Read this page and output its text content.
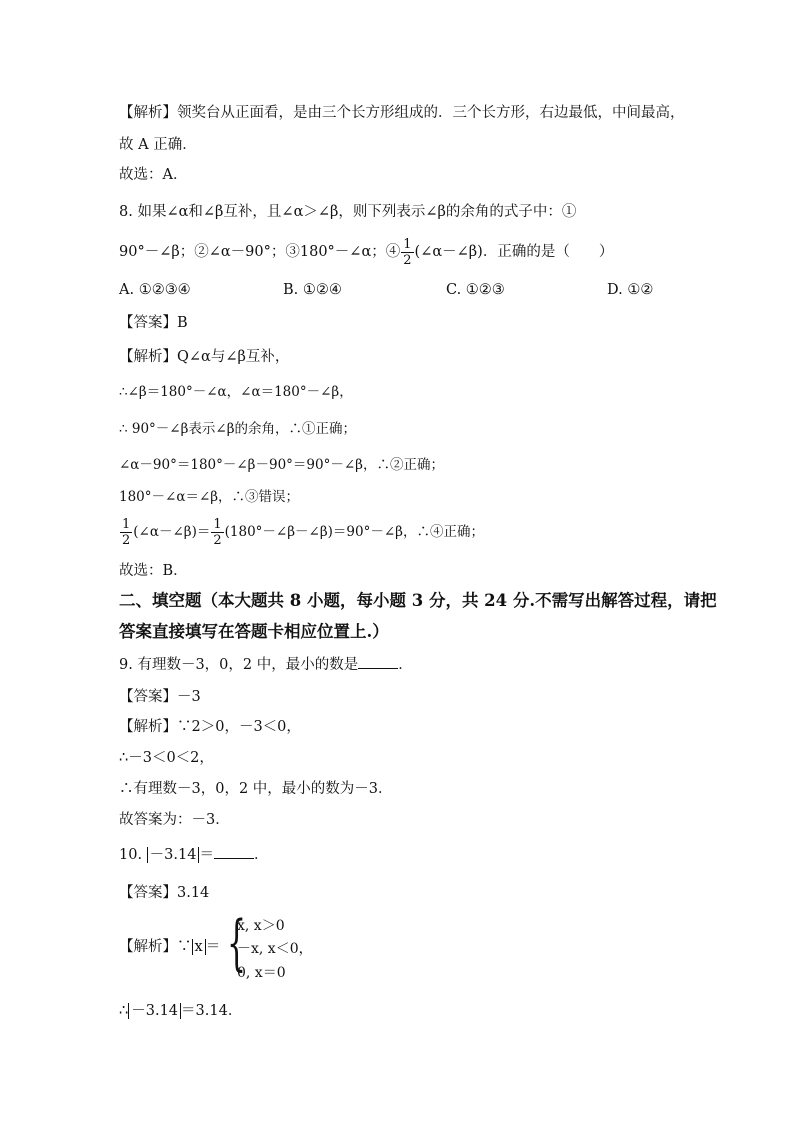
【解析】领奖台从正面看，是由三个长方形组成的．三个长方形，右边最低，中间最高，
故 A 正确．
故选：A．
8. 如果∠α和∠β互补，且∠α＞∠β，则下列表示∠β的余角的式子中：①
90°－∠β；②∠α－90°；③180°－∠α；④ $\frac{1}{2}$ (∠α－∠β)．正确的是（　　）
A. ①②③④	B. ①②④	C. ①②③	D. ①②
【答案】B
【解析】Q∠α与∠β互补，
∴∠β＝180°－∠α，∠α＝180°－∠β，
∴ 90°－∠β表示∠β的余角，∴①正确；
∠α－90°＝180°－∠β－90°＝90°－∠β，∴②正确；
180°－∠α＝∠β，∴③错误；
$\frac{1}{2}$ (∠α－∠β)＝ $\frac{1}{2}$ (180°－∠β－∠β)＝90°－∠β，∴④正确；
故选：B．
二、填空题（本大题共 8 小题，每小题 3 分，共 24 分.不需写出解答过程，请把
答案直接填写在答题卡相应位置上.）
9. 有理数－3，0，2 中，最小的数是	．
【答案】－3
【解析】∵2＞0，－3＜0，
∴－3＜0＜2，
∴有理数－3，0，2 中，最小的数为－3．
故答案为：－3．
10. －3.14 ＝	．
【答案】3.14
【解析】∵ x ＝ {
x, x＞0
－x, x＜0，
0, x＝0
∴ －3.14 ＝3.14．
